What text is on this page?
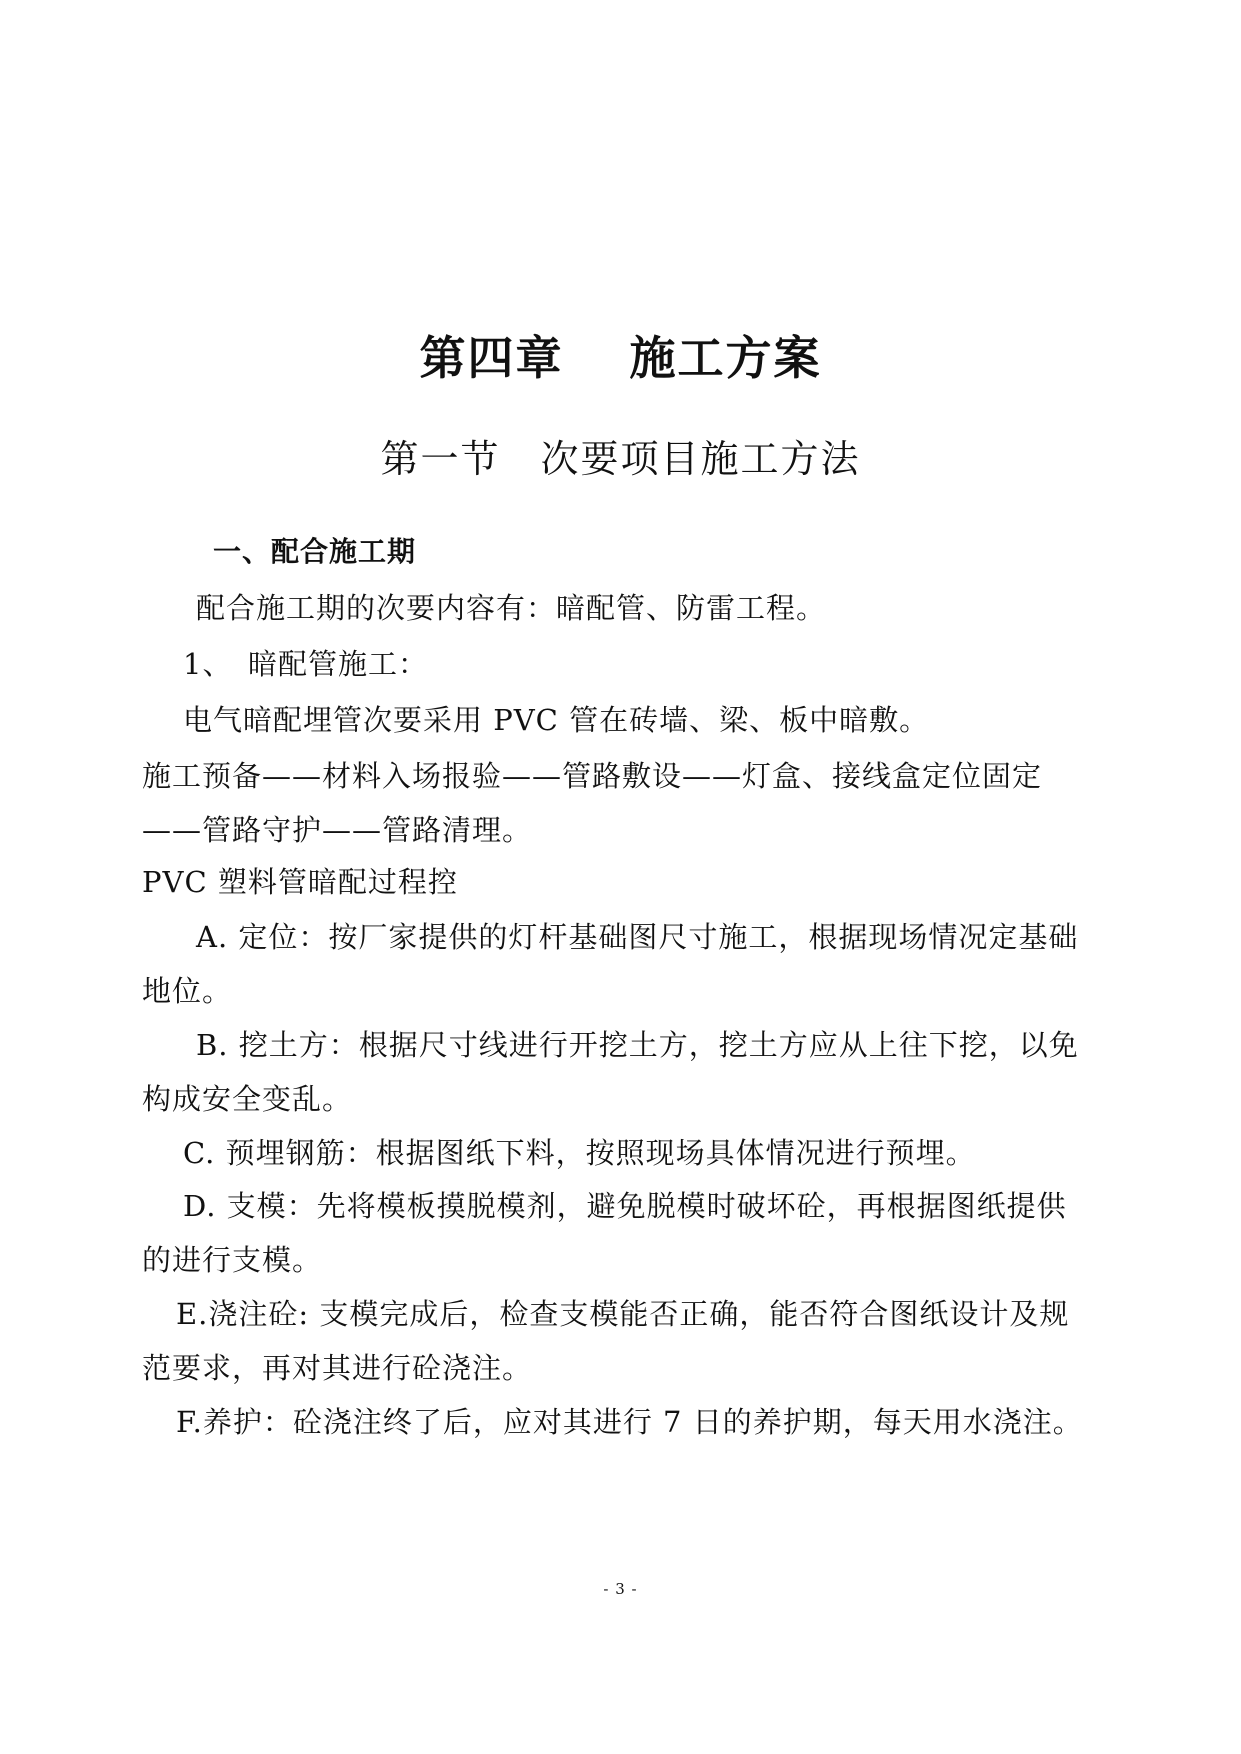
第四章　 施工方案
第一节　次要项目施工方法
一、配合施工期
配合施工期的次要内容有：暗配管、防雷工程。
1、　暗配管施工：
电气暗配埋管次要采用 PVC 管在砖墙、梁、板中暗敷。
施工预备——材料入场报验——管路敷设——灯盒、接线盒定位固定
——管路守护——管路清理。
PVC 塑料管暗配过程控
A. 定位：按厂家提供的灯杆基础图尺寸施工，根据现场情况定基础
地位。
B. 挖土方：根据尺寸线进行开挖土方，挖土方应从上往下挖，以免
构成安全变乱。
C. 预埋钢筋：根据图纸下料，按照现场具体情况进行预埋。
D. 支模：先将模板摸脱模剂，避免脱模时破坏砼，再根据图纸提供
的进行支模。
E.浇注砼: 支模完成后，检查支模能否正确，能否符合图纸设计及规
范要求，再对其进行砼浇注。
F.养护：砼浇注终了后，应对其进行 7 日的养护期，每天用水浇注。
- 3 -
